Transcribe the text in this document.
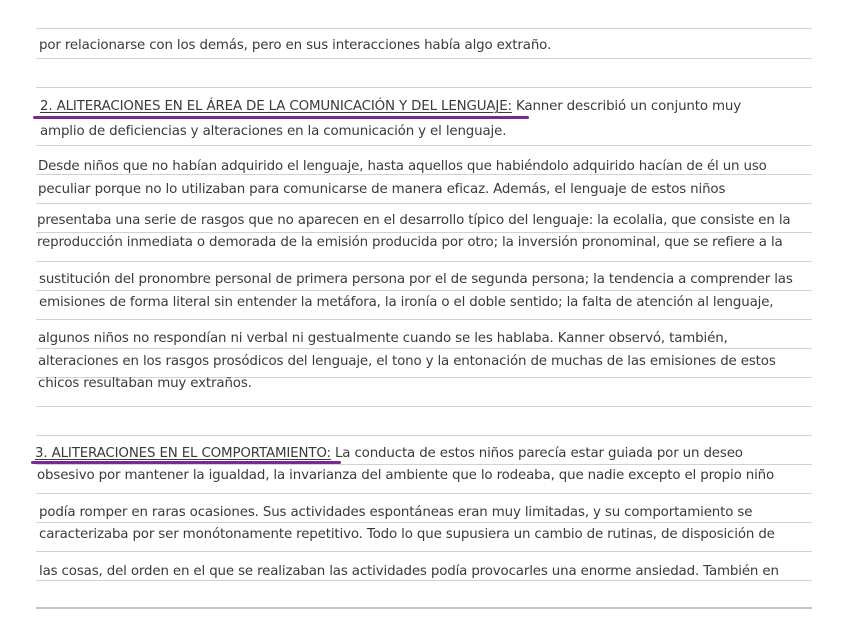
por relacionarse con los demás, pero en sus interacciones había algo extraño.
2. ALITERACIONES EN EL ÁREA DE LA COMUNICACIÓN Y DEL LENGUAJE: Kanner describió un conjunto muy
amplio de deficiencias y alteraciones en la comunicación y el lenguaje.
Desde niños que no habían adquirido el lenguaje, hasta aquellos que habiéndolo adquirido hacían de él un uso
peculiar porque no lo utilizaban para comunicarse de manera eficaz. Además, el lenguaje de estos niños
presentaba una serie de rasgos que no aparecen en el desarrollo típico del lenguaje: la ecolalia, que consiste en la
reproducción inmediata o demorada de la emisión producida por otro; la inversión pronominal, que se refiere a la
sustitución del pronombre personal de primera persona por el de segunda persona; la tendencia a comprender las
emisiones de forma literal sin entender la metáfora, la ironía o el doble sentido; la falta de atención al lenguaje,
algunos niños no respondían ni verbal ni gestualmente cuando se les hablaba. Kanner observó, también,
alteraciones en los rasgos prosódicos del lenguaje, el tono y la entonación de muchas de las emisiones de estos
chicos resultaban muy extraños.
3. ALITERACIONES EN EL COMPORTAMIENTO: La conducta de estos niños parecía estar guiada por un deseo
obsesivo por mantener la igualdad, la invarianza del ambiente que lo rodeaba, que nadie excepto el propio niño
podía romper en raras ocasiones. Sus actividades espontáneas eran muy limitadas, y su comportamiento se
caracterizaba por ser monótonamente repetitivo. Todo lo que supusiera un cambio de rutinas, de disposición de
las cosas, del orden en el que se realizaban las actividades podía provocarles una enorme ansiedad. También en
